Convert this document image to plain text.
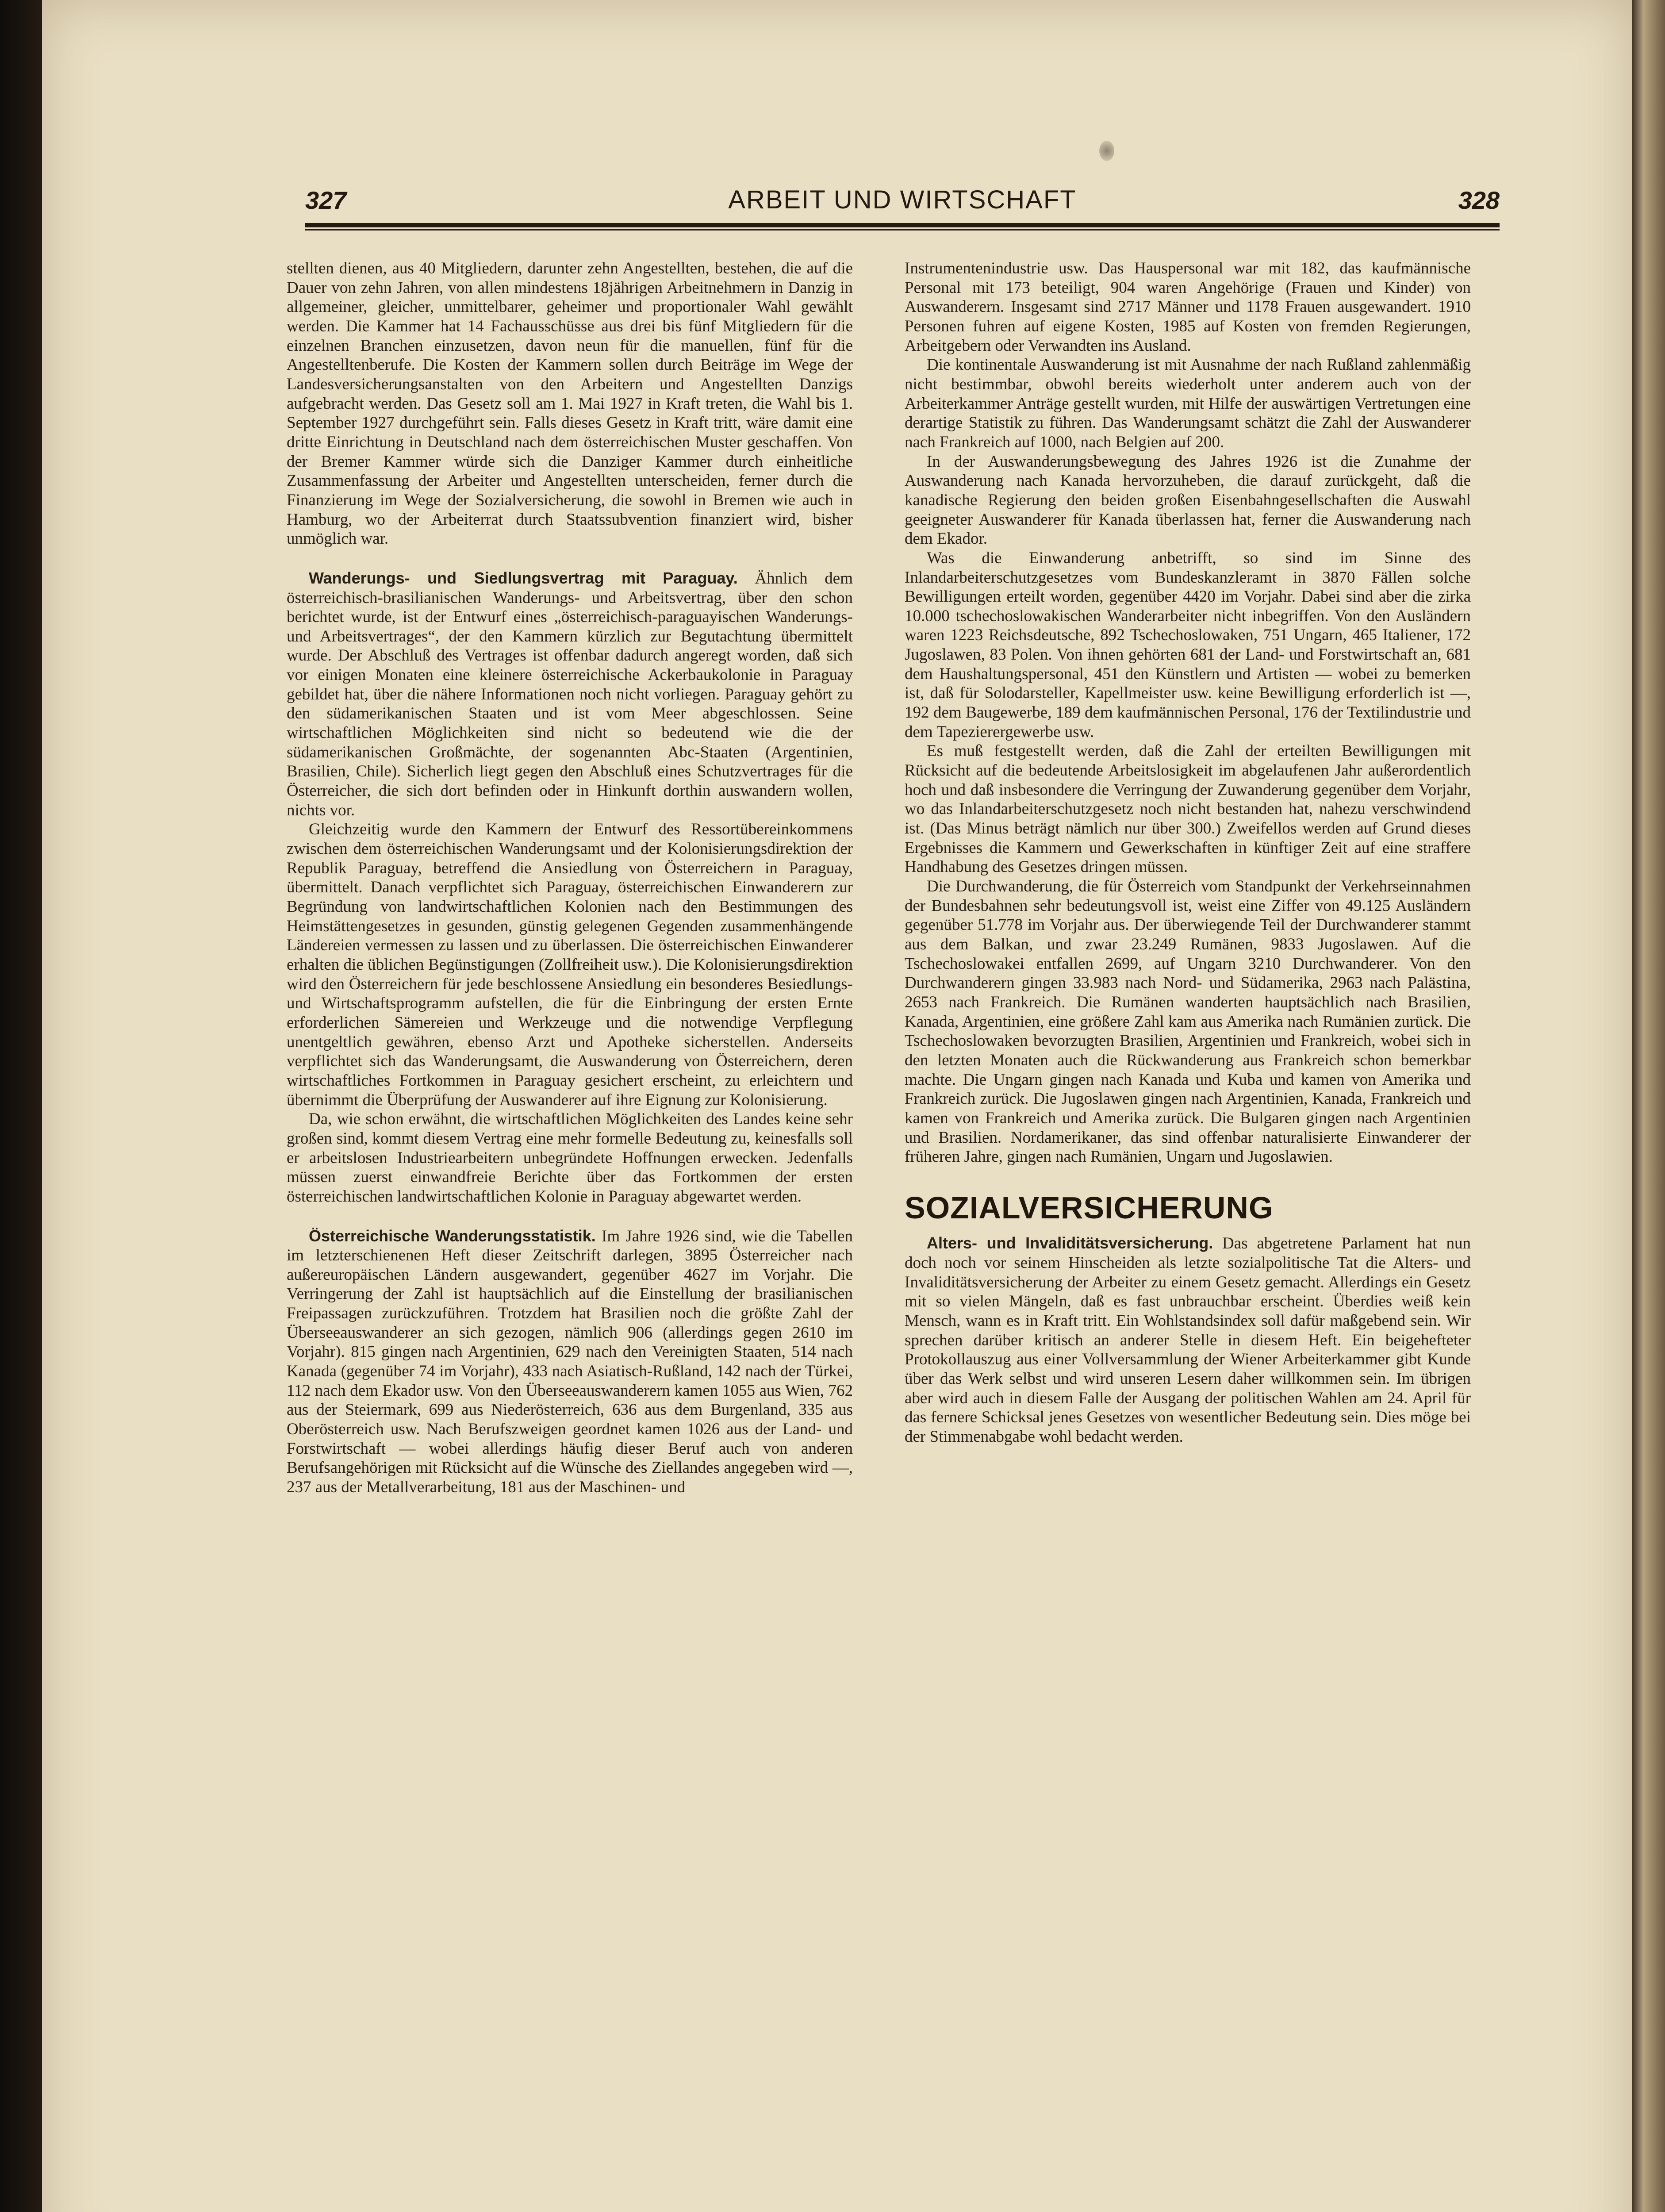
327	ARBEIT UND WIRTSCHAFT	328

stellten dienen, aus 40 Mitgliedern, darunter zehn Angestellten, bestehen, die auf die Dauer von zehn Jahren, von allen mindestens 18jährigen Arbeitnehmern in Danzig in allgemeiner, gleicher, unmittelbarer, geheimer und proportionaler Wahl gewählt werden. Die Kammer hat 14 Fachausschüsse aus drei bis fünf Mitgliedern für die einzelnen Branchen einzusetzen, davon neun für die manuellen, fünf für die Angestelltenberufe. Die Kosten der Kammern sollen durch Beiträge im Wege der Landesversicherungsanstalten von den Arbeitern und Angestellten Danzigs aufgebracht werden. Das Gesetz soll am 1. Mai 1927 in Kraft treten, die Wahl bis 1. September 1927 durchgeführt sein. Falls dieses Gesetz in Kraft tritt, wäre damit eine dritte Einrichtung in Deutschland nach dem österreichischen Muster geschaffen. Von der Bremer Kammer würde sich die Danziger Kammer durch einheitliche Zusammenfassung der Arbeiter und Angestellten unterscheiden, ferner durch die Finanzierung im Wege der Sozialversicherung, die sowohl in Bremen wie auch in Hamburg, wo der Arbeiterrat durch Staatssubvention finanziert wird, bisher unmöglich war.

Wanderungs- und Siedlungsvertrag mit Paraguay. Ähnlich dem österreichisch-brasilianischen Wanderungs- und Arbeitsvertrag, über den schon berichtet wurde, ist der Entwurf eines „österreichisch-paraguayischen Wanderungs- und Arbeitsvertrages“, der den Kammern kürzlich zur Begutachtung übermittelt wurde. Der Abschluß des Vertrages ist offenbar dadurch angeregt worden, daß sich vor einigen Monaten eine kleinere österreichische Ackerbaukolonie in Paraguay gebildet hat, über die nähere Informationen noch nicht vorliegen. Paraguay gehört zu den südamerikanischen Staaten und ist vom Meer abgeschlossen. Seine wirtschaftlichen Möglichkeiten sind nicht so bedeutend wie die der südamerikanischen Großmächte, der sogenannten Abc-Staaten (Argentinien, Brasilien, Chile). Sicherlich liegt gegen den Abschluß eines Schutzvertrages für die Österreicher, die sich dort befinden oder in Hinkunft dorthin auswandern wollen, nichts vor.

Gleichzeitig wurde den Kammern der Entwurf des Ressortübereinkommens zwischen dem österreichischen Wanderungsamt und der Kolonisierungsdirektion der Republik Paraguay, betreffend die Ansiedlung von Österreichern in Paraguay, übermittelt. Danach verpflichtet sich Paraguay, österreichischen Einwanderern zur Begründung von landwirtschaftlichen Kolonien nach den Bestimmungen des Heimstättengesetzes in gesunden, günstig gelegenen Gegenden zusammenhängende Ländereien vermessen zu lassen und zu überlassen. Die österreichischen Einwanderer erhalten die üblichen Begünstigungen (Zollfreiheit usw.). Die Kolonisierungsdirektion wird den Österreichern für jede beschlossene Ansiedlung ein besonderes Besiedlungs- und Wirtschaftsprogramm aufstellen, die für die Einbringung der ersten Ernte erforderlichen Sämereien und Werkzeuge und die notwendige Verpflegung unentgeltlich gewähren, ebenso Arzt und Apotheke sicherstellen. Anderseits verpflichtet sich das Wanderungsamt, die Auswanderung von Österreichern, deren wirtschaftliches Fortkommen in Paraguay gesichert erscheint, zu erleichtern und übernimmt die Überprüfung der Auswanderer auf ihre Eignung zur Kolonisierung.

Da, wie schon erwähnt, die wirtschaftlichen Möglichkeiten des Landes keine sehr großen sind, kommt diesem Vertrag eine mehr formelle Bedeutung zu, keinesfalls soll er arbeitslosen Industriearbeitern unbegründete Hoffnungen erwecken. Jedenfalls müssen zuerst einwandfreie Berichte über das Fortkommen der ersten österreichischen landwirtschaftlichen Kolonie in Paraguay abgewartet werden.

Österreichische Wanderungsstatistik. Im Jahre 1926 sind, wie die Tabellen im letzterschienenen Heft dieser Zeitschrift darlegen, 3895 Österreicher nach außereuropäischen Ländern ausgewandert, gegenüber 4627 im Vorjahr. Die Verringerung der Zahl ist hauptsächlich auf die Einstellung der brasilianischen Freipassagen zurückzuführen. Trotzdem hat Brasilien noch die größte Zahl der Überseeauswanderer an sich gezogen, nämlich 906 (allerdings gegen 2610 im Vorjahr). 815 gingen nach Argentinien, 629 nach den Vereinigten Staaten, 514 nach Kanada (gegenüber 74 im Vorjahr), 433 nach Asiatisch-Rußland, 142 nach der Türkei, 112 nach dem Ekador usw. Von den Überseeauswanderern kamen 1055 aus Wien, 762 aus der Steiermark, 699 aus Niederösterreich, 636 aus dem Burgenland, 335 aus Oberösterreich usw. Nach Berufszweigen geordnet kamen 1026 aus der Land- und Forstwirtschaft — wobei allerdings häufig dieser Beruf auch von anderen Berufsangehörigen mit Rücksicht auf die Wünsche des Ziellandes angegeben wird —, 237 aus der Metallverarbeitung, 181 aus der Maschinen- und

Instrumentenindustrie usw. Das Hauspersonal war mit 182, das kaufmännische Personal mit 173 beteiligt, 904 waren Angehörige (Frauen und Kinder) von Auswanderern. Insgesamt sind 2717 Männer und 1178 Frauen ausgewandert. 1910 Personen fuhren auf eigene Kosten, 1985 auf Kosten von fremden Regierungen, Arbeitgebern oder Verwandten ins Ausland.

Die kontinentale Auswanderung ist mit Ausnahme der nach Rußland zahlenmäßig nicht bestimmbar, obwohl bereits wiederholt unter anderem auch von der Arbeiterkammer Anträge gestellt wurden, mit Hilfe der auswärtigen Vertretungen eine derartige Statistik zu führen. Das Wanderungsamt schätzt die Zahl der Auswanderer nach Frankreich auf 1000, nach Belgien auf 200.

In der Auswanderungsbewegung des Jahres 1926 ist die Zunahme der Auswanderung nach Kanada hervorzuheben, die darauf zurückgeht, daß die kanadische Regierung den beiden großen Eisenbahngesellschaften die Auswahl geeigneter Auswanderer für Kanada überlassen hat, ferner die Auswanderung nach dem Ekador.

Was die Einwanderung anbetrifft, so sind im Sinne des Inlandarbeiterschutzgesetzes vom Bundeskanzleramt in 3870 Fällen solche Bewilligungen erteilt worden, gegenüber 4420 im Vorjahr. Dabei sind aber die zirka 10.000 tschechoslowakischen Wanderarbeiter nicht inbegriffen. Von den Ausländern waren 1223 Reichsdeutsche, 892 Tschechoslowaken, 751 Ungarn, 465 Italiener, 172 Jugoslawen, 83 Polen. Von ihnen gehörten 681 der Land- und Forstwirtschaft an, 681 dem Haushaltungspersonal, 451 den Künstlern und Artisten — wobei zu bemerken ist, daß für Solodarsteller, Kapellmeister usw. keine Bewilligung erforderlich ist —, 192 dem Baugewerbe, 189 dem kaufmännischen Personal, 176 der Textilindustrie und dem Tapezierergewerbe usw.

Es muß festgestellt werden, daß die Zahl der erteilten Bewilligungen mit Rücksicht auf die bedeutende Arbeitslosigkeit im abgelaufenen Jahr außerordentlich hoch und daß insbesondere die Verringung der Zuwanderung gegenüber dem Vorjahr, wo das Inlandarbeiterschutzgesetz noch nicht bestanden hat, nahezu verschwindend ist. (Das Minus beträgt nämlich nur über 300.) Zweifellos werden auf Grund dieses Ergebnisses die Kammern und Gewerkschaften in künftiger Zeit auf eine straffere Handhabung des Gesetzes dringen müssen.

Die Durchwanderung, die für Österreich vom Standpunkt der Verkehrseinnahmen der Bundesbahnen sehr bedeutungsvoll ist, weist eine Ziffer von 49.125 Ausländern gegenüber 51.778 im Vorjahr aus. Der überwiegende Teil der Durchwanderer stammt aus dem Balkan, und zwar 23.249 Rumänen, 9833 Jugoslawen. Auf die Tschechoslowakei entfallen 2699, auf Ungarn 3210 Durchwanderer. Von den Durchwanderern gingen 33.983 nach Nord- und Südamerika, 2963 nach Palästina, 2653 nach Frankreich. Die Rumänen wanderten hauptsächlich nach Brasilien, Kanada, Argentinien, eine größere Zahl kam aus Amerika nach Rumänien zurück. Die Tschechoslowaken bevorzugten Brasilien, Argentinien und Frankreich, wobei sich in den letzten Monaten auch die Rückwanderung aus Frankreich schon bemerkbar machte. Die Ungarn gingen nach Kanada und Kuba und kamen von Amerika und Frankreich zurück. Die Jugoslawen gingen nach Argentinien, Kanada, Frankreich und kamen von Frankreich und Amerika zurück. Die Bulgaren gingen nach Argentinien und Brasilien. Nordamerikaner, das sind offenbar naturalisierte Einwanderer der früheren Jahre, gingen nach Rumänien, Ungarn und Jugoslawien.

SOZIALVERSICHERUNG

Alters- und Invaliditätsversicherung. Das abgetretene Parlament hat nun doch noch vor seinem Hinscheiden als letzte sozialpolitische Tat die Alters- und Invaliditätsversicherung der Arbeiter zu einem Gesetz gemacht. Allerdings ein Gesetz mit so vielen Mängeln, daß es fast unbrauchbar erscheint. Überdies weiß kein Mensch, wann es in Kraft tritt. Ein Wohlstandsindex soll dafür maßgebend sein. Wir sprechen darüber kritisch an anderer Stelle in diesem Heft. Ein beigehefteter Protokollauszug aus einer Vollversammlung der Wiener Arbeiterkammer gibt Kunde über das Werk selbst und wird unseren Lesern daher willkommen sein. Im übrigen aber wird auch in diesem Falle der Ausgang der politischen Wahlen am 24. April für das fernere Schicksal jenes Gesetzes von wesentlicher Bedeutung sein. Dies möge bei der Stimmenabgabe wohl bedacht werden.
